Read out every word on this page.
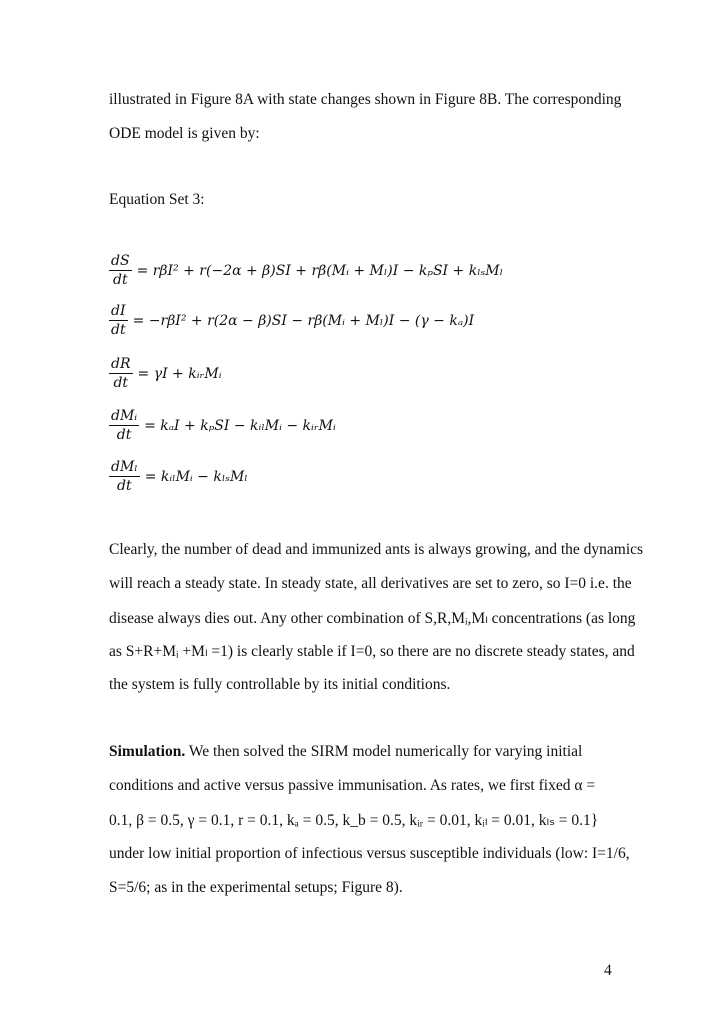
illustrated in Figure 8A with state changes shown in Figure 8B. The corresponding
ODE model is given by:
Equation Set 3:
$\frac{dS}{dt} = r\beta I^2 + r(-2\alpha + \beta)SI$ + rβ(Mᵢ + Mₗ)I − kₚSI + kₗₛMₗ
$\frac{dI}{dt} = -r\beta I^2 + r(2\alpha - \beta)SI$ − rβ(Mᵢ + Mₗ)I − (γ − kₐ)I
$\frac{dR}{dt} = \gamma I$ + kᵢᵣMᵢ
$\frac{\text{dMᵢ}}{dt} = k_aI + k_pSI$ − kᵢₗMᵢ − kᵢᵣMᵢ
$\frac{\text{dMₗ}}{dt}$ = kᵢₗMᵢ − kₗₛMₗ
Clearly, the number of dead and immunized ants is always growing, and the dynamics
will reach a steady state. In steady state, all derivatives are set to zero, so I=0 i.e. the
disease always dies out. Any other combination of S,R,Mᵢ,Mₗ concentrations (as long
as S+R+Mᵢ +Mₗ =1) is clearly stable if I=0, so there are no discrete steady states, and
the system is fully controllable by its initial conditions.
Simulation. We then solved the SIRM model numerically for varying initial
conditions and active versus passive immunisation. As rates, we first fixed α =
0.1, β = 0.5, γ = 0.1, r = 0.1, kₐ = 0.5, k_b = 0.5, kᵢᵣ = 0.01, kᵢₗ = 0.01, kₗₛ = 0.1}
under low initial proportion of infectious versus susceptible individuals (low: I=1/6,
S=5/6; as in the experimental setups; Figure 8).
4
